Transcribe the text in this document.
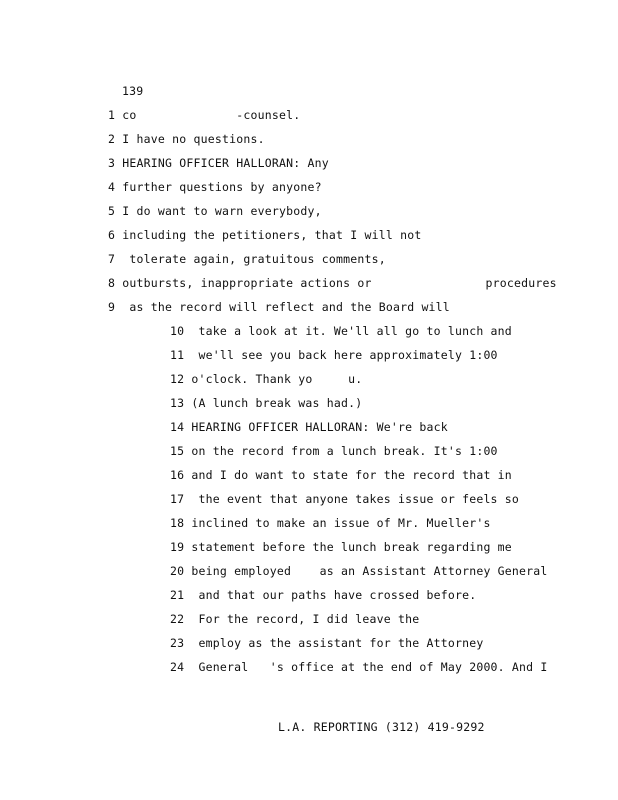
139
1 co              -counsel.
2 I have no questions.
3 HEARING OFFICER HALLORAN: Any
4 further questions by anyone?
5 I do want to warn everybody,
6 including the petitioners, that I will not
7  tolerate again, gratuitous comments,
8 outbursts, inappropriate actions or                procedures
9  as the record will reflect and the Board will
10  take a look at it. We'll all go to lunch and
11  we'll see you back here approximately 1:00
12 o'clock. Thank yo     u.
13 (A lunch break was had.)
14 HEARING OFFICER HALLORAN: We're back
15 on the record from a lunch break. It's 1:00
16 and I do want to state for the record that in
17  the event that anyone takes issue or feels so
18 inclined to make an issue of Mr. Mueller's
19 statement before the lunch break regarding me
20 being employed    as an Assistant Attorney General
21  and that our paths have crossed before.
22  For the record, I did leave the
23  employ as the assistant for the Attorney
24  General   's office at the end of May 2000. And I
L.A. REPORTING (312) 419-9292
